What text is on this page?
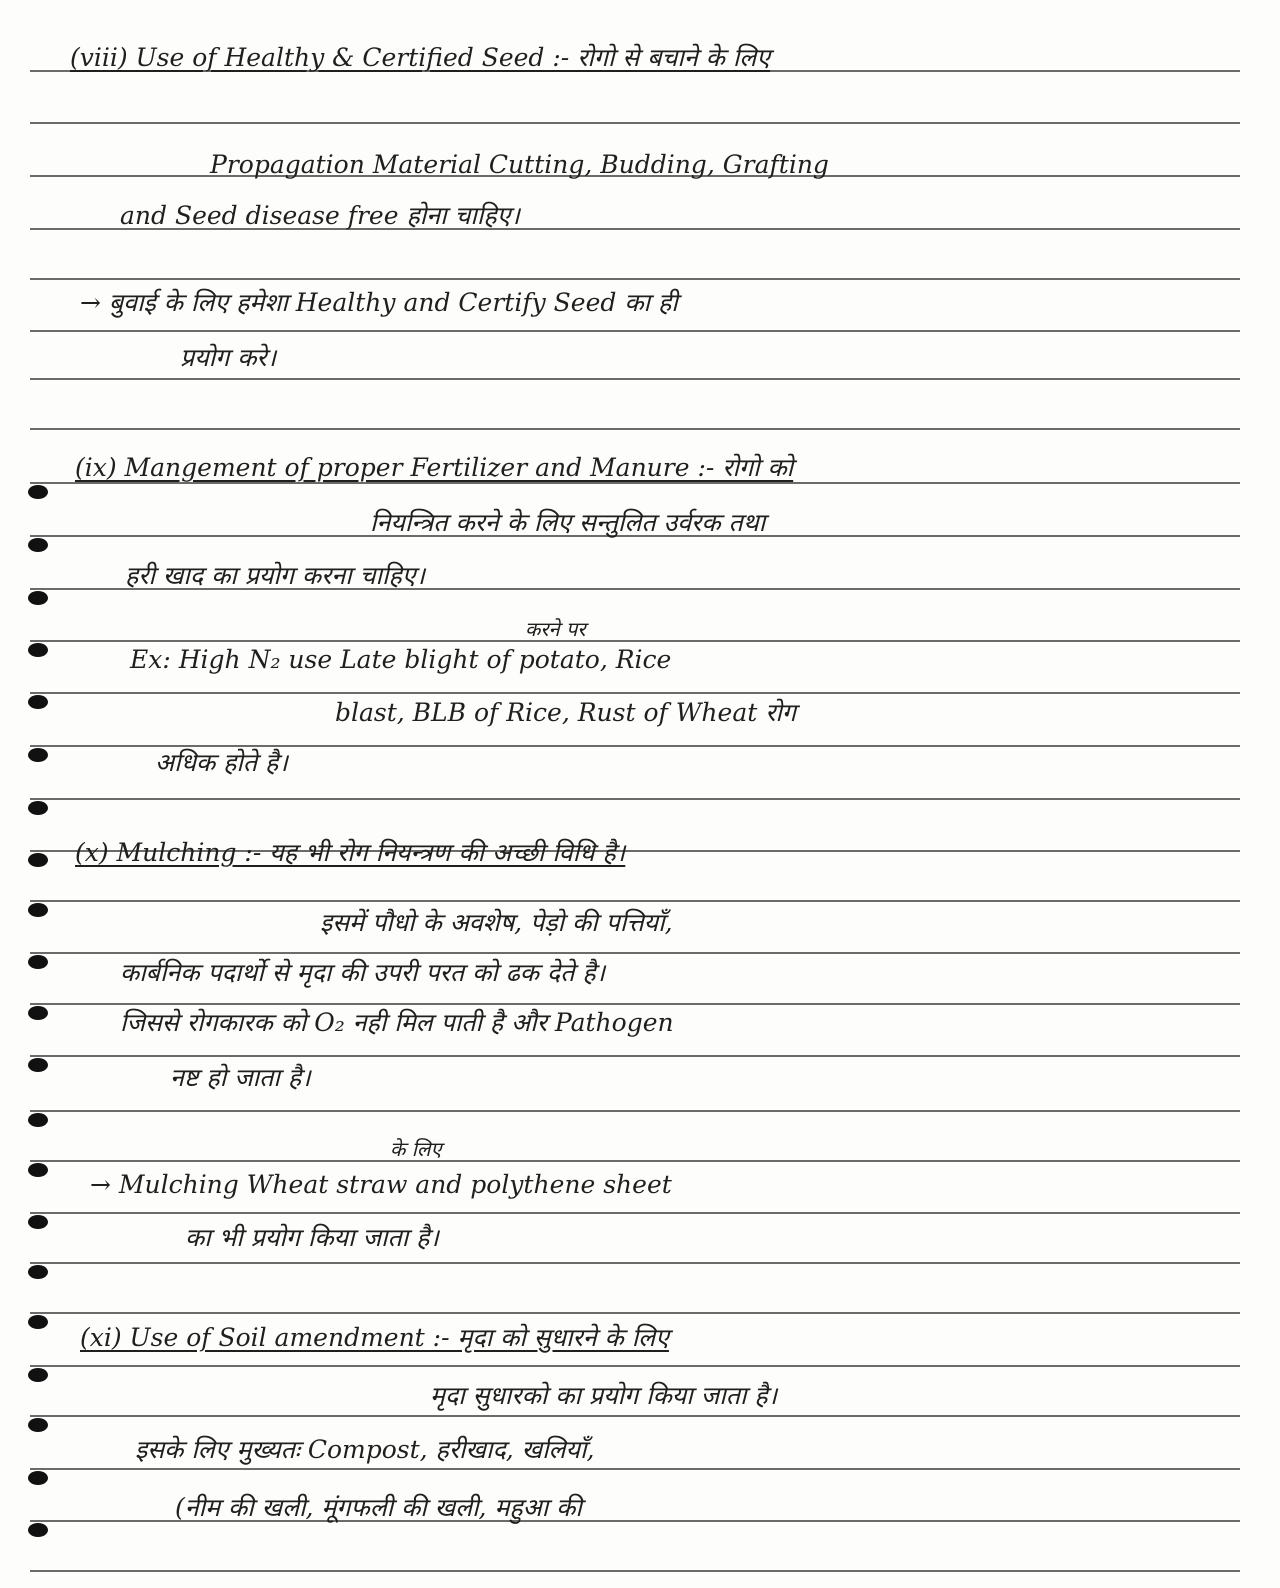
(viii) Use of Healthy & Certified Seed :- रोगो से बचाने के लिए
Propagation Material Cutting, Budding, Grafting
and Seed disease free होना चाहिए।
→ बुवाई के लिए हमेशा Healthy and Certify Seed का ही
प्रयोग करे।
(ix) Mangement of proper Fertilizer and Manure :- रोगो को
नियन्त्रित करने के लिए सन्तुलित उर्वरक तथा
हरी खाद का प्रयोग करना चाहिए।
करने पर
Ex: High N₂ use Late blight of potato, Rice
blast, BLB of Rice, Rust of Wheat रोग
अधिक होते है।
(x) Mulching :- यह भी रोग नियन्त्रण की अच्छी विधि है।
इसमें पौधो के अवशेष, पेड़ो की पत्तियाँ,
कार्बनिक पदार्थो से मृदा की उपरी परत को ढक देते है।
जिससे रोगकारक को O₂ नही मिल पाती है और Pathogen
नष्ट हो जाता है।
के लिए
→ Mulching Wheat straw and polythene sheet
का भी प्रयोग किया जाता है।
(xi) Use of Soil amendment :- मृदा को सुधारने के लिए
मृदा सुधारको का प्रयोग किया जाता है।
इसके लिए मुख्यतः Compost, हरीखाद, खलियाँ,
(नीम की खली, मूंगफली की खली, महुआ की
